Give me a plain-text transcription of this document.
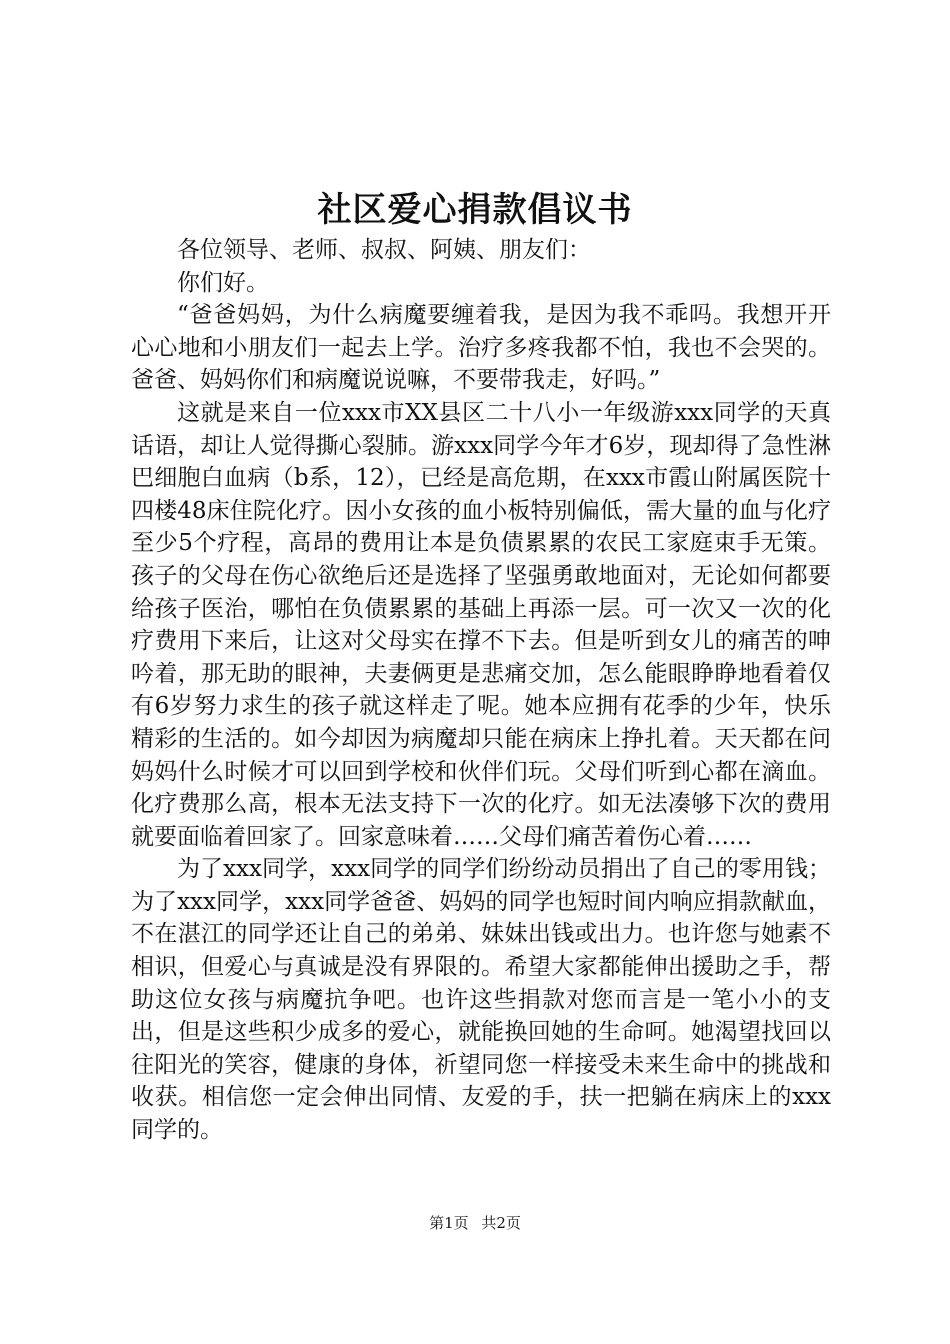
社区爱心捐款倡议书

各位领导、老师、叔叔、阿姨、朋友们：

你们好。

“爸爸妈妈，为什么病魔要缠着我，是因为我不乖吗。我想开开心心地和小朋友们一起去上学。治疗多疼我都不怕，我也不会哭的。爸爸、妈妈你们和病魔说说嘛，不要带我走，好吗。”

这就是来自一位xxx市XX县区二十八小一年级游xxx同学的天真话语，却让人觉得撕心裂肺。游xxx同学今年才6岁，现却得了急性淋巴细胞白血病（b系，12），已经是高危期，在xxx市霞山附属医院十四楼48床住院化疗。因小女孩的血小板特别偏低，需大量的血与化疗至少5个疗程，高昂的费用让本是负债累累的农民工家庭束手无策。孩子的父母在伤心欲绝后还是选择了坚强勇敢地面对，无论如何都要给孩子医治，哪怕在负债累累的基础上再添一层。可一次又一次的化疗费用下来后，让这对父母实在撑不下去。但是听到女儿的痛苦的呻吟着，那无助的眼神，夫妻俩更是悲痛交加，怎么能眼睁睁地看着仅有6岁努力求生的孩子就这样走了呢。她本应拥有花季的少年，快乐精彩的生活的。如今却因为病魔却只能在病床上挣扎着。天天都在问妈妈什么时候才可以回到学校和伙伴们玩。父母们听到心都在滴血。化疗费那么高，根本无法支持下一次的化疗。如无法凑够下次的费用就要面临着回家了。回家意味着……父母们痛苦着伤心着……

为了xxx同学，xxx同学的同学们纷纷动员捐出了自己的零用钱；为了xxx同学，xxx同学爸爸、妈妈的同学也短时间内响应捐款献血，不在湛江的同学还让自己的弟弟、妹妹出钱或出力。也许您与她素不相识，但爱心与真诚是没有界限的。希望大家都能伸出援助之手，帮助这位女孩与病魔抗争吧。也许这些捐款对您而言是一笔小小的支出，但是这些积少成多的爱心，就能换回她的生命呵。她渴望找回以往阳光的笑容，健康的身体，祈望同您一样接受未来生命中的挑战和收获。相信您一定会伸出同情、友爱的手，扶一把躺在病床上的xxx同学的。

第1页 共2页
